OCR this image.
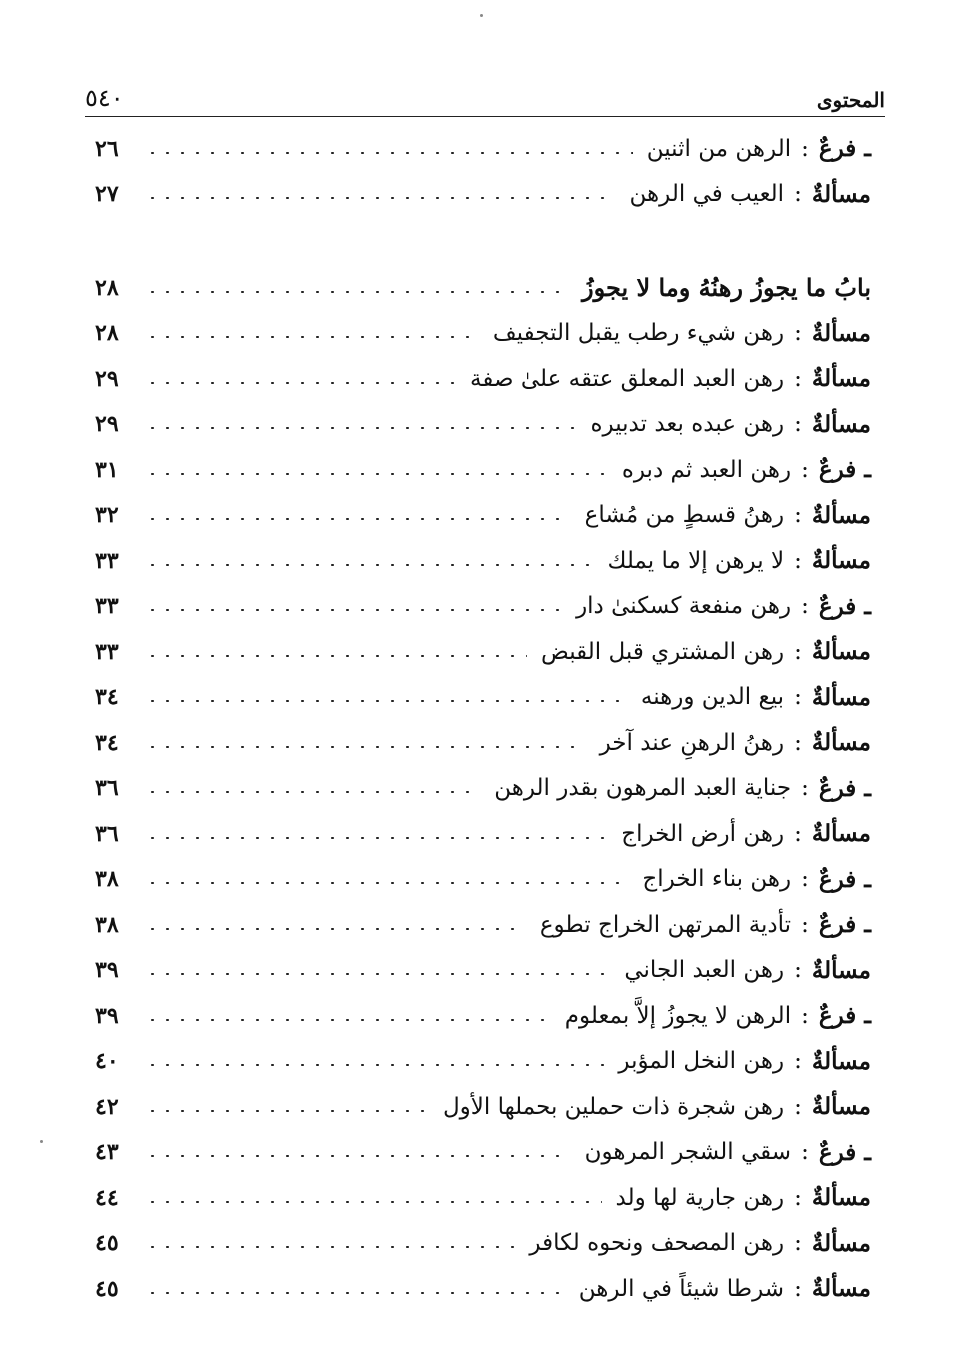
٥٤٠	المحتوى
ـ فرعٌ
:
الرهن من اثنين
٢٦
مسألةٌ
:
العيب في الرهن
٢٧
بابُ ما يجوزُ رهنُهُ وما لا يجوزُ
٢٨
مسألةٌ
:
رهن شيء رطب يقبل التجفيف
٢٨
مسألةٌ
:
رهن العبد المعلق عتقه علىٰ صفة
٢٩
مسألةٌ
:
رهن عبده بعد تدبيره
٢٩
ـ فرعٌ
:
رهن العبد ثم دبره
٣١
مسألةٌ
:
رهنُ قسطٍ من مُشاع
٣٢
مسألةٌ
:
لا يرهن إلا ما يملك
٣٣
ـ فرعٌ
:
رهن منفعة كسكنىٰ دار
٣٣
مسألةٌ
:
رهن المشتري قبل القبض
٣٣
مسألةٌ
:
بيع الدين ورهنه
٣٤
مسألةٌ
:
رهنُ الرهنِ عند آخر
٣٤
ـ فرعٌ
:
جناية العبد المرهون بقدر الرهن
٣٦
مسألةٌ
:
رهن أرض الخراج
٣٦
ـ فرعٌ
:
رهن بناء الخراج
٣٨
ـ فرعٌ
:
تأدية المرتهن الخراج تطوع
٣٨
مسألةٌ
:
رهن العبد الجاني
٣٩
ـ فرعٌ
:
الرهن لا يجوزُ إلاَّ بمعلوم
٣٩
مسألةٌ
:
رهن النخل المؤبر
٤٠
مسألةٌ
:
رهن شجرة ذات حملين بحملها الأول
٤٢
ـ فرعٌ
:
سقي الشجر المرهون
٤٣
مسألةٌ
:
رهن جارية لها ولد
٤٤
مسألةٌ
:
رهن المصحف ونحوه لكافر
٤٥
مسألةٌ
:
شرطا شيئاً في الرهن
٤٥
